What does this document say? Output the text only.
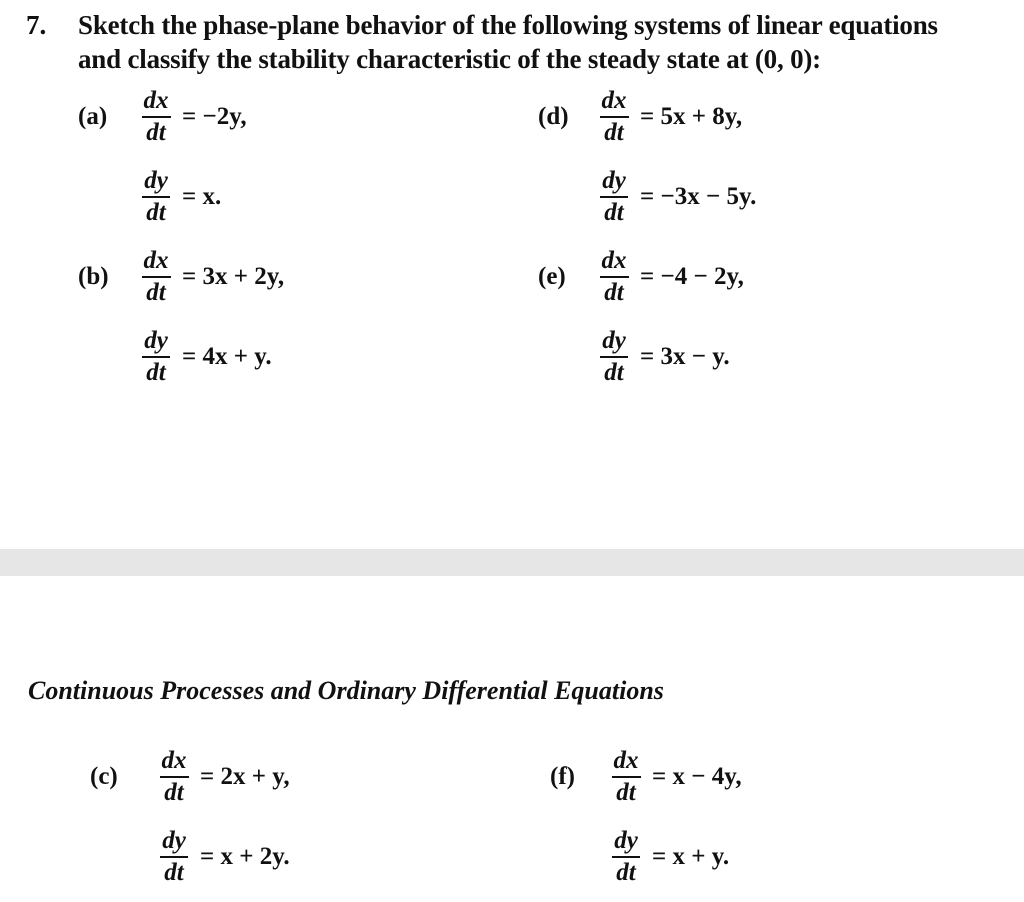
7. Sketch the phase-plane behavior of the following systems of linear equations
and classify the stability characteristic of the steady state at (0, 0):
$(a) \frac{dx}{dt} = -2y$,
$\frac{dy}{dt} = x$.
$(b) \frac{dx}{dt} = 3x + 2y$,
$\frac{dy}{dt} = 4x + y$.
$(d) \frac{dx}{dt} = 5x + 8y$,
$\frac{dy}{dt} = -3x - 5y$.
$(e) \frac{dx}{dt} = -4 - 2y$,
$\frac{dy}{dt} = 3x - y$.
Continuous Processes and Ordinary Differential Equations
$(c) \frac{dx}{dt} = 2x + y$,
$\frac{dy}{dt} = x + 2y$.
$(f) \frac{dx}{dt} = x - 4y$,
$\frac{dy}{dt} = x + y$.
